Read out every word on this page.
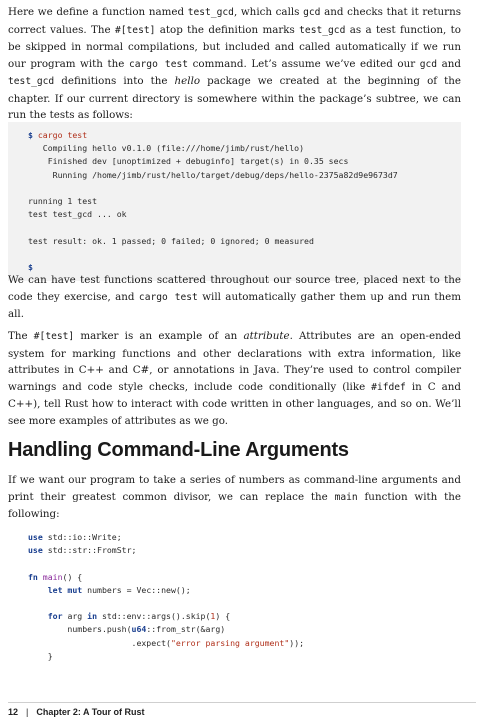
Here we define a function named test_gcd, which calls gcd and checks that it returns correct values. The #[test] atop the definition marks test_gcd as a test function, to be skipped in normal compilations, but included and called automatically if we run our program with the cargo test command. Let’s assume we’ve edited our gcd and test_gcd definitions into the hello package we created at the beginning of the chapter. If our current directory is somewhere within the package’s subtree, we can run the tests as follows:

$ cargo test
Compiling hello v0.1.0 (file:///home/jimb/rust/hello)
Finished dev [unoptimized + debuginfo] target(s) in 0.35 secs
Running /home/jimb/rust/hello/target/debug/deps/hello-2375a82d9e9673d7

running 1 test
test test_gcd ... ok

test result: ok. 1 passed; 0 failed; 0 ignored; 0 measured

$

We can have test functions scattered throughout our source tree, placed next to the code they exercise, and cargo test will automatically gather them up and run them all.

The #[test] marker is an example of an attribute. Attributes are an open-ended system for marking functions and other declarations with extra information, like attributes in C++ and C#, or annotations in Java. They’re used to control compiler warnings and code style checks, include code conditionally (like #ifdef in C and C++), tell Rust how to interact with code written in other languages, and so on. We’ll see more examples of attributes as we go.

Handling Command-Line Arguments

If we want our program to take a series of numbers as command-line arguments and print their greatest common divisor, we can replace the main function with the following:

use std::io::Write;
use std::str::FromStr;

fn main() {
let mut numbers = Vec::new();

for arg in std::env::args().skip(1) {
numbers.push(u64::from_str(&arg)
.expect("error parsing argument"));
}
12 | Chapter 2: A Tour of Rust
